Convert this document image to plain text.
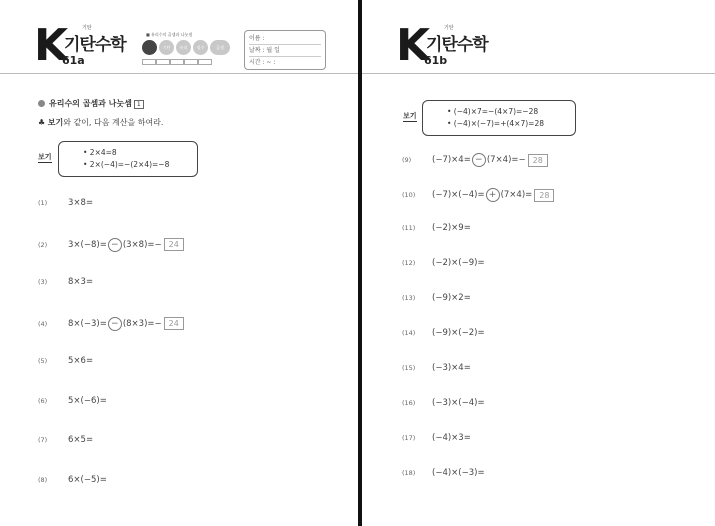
K	기탄
기탄수학
61a
■ 유리수의 곱셈과 나눗셈
기탄	유리	정수	곱셈
이름 :
날짜 : 월 일
시간 : ~ :
유리수의 곱셈과 나눗셈 1
♣ 보기와 같이, 다음 계산을 하여라.
보기	• 2×4=8
• 2×(−4)=−(2×4)=−8
(1)	3×8=
(2)	3×(−8)= − (3×8)=− 24
(3)	8×3=
(4)	8×(−3)= − (8×3)=− 24
(5)	5×6=
(6)	5×(−6)=
(7)	6×5=
(8)	6×(−5)=
K	기탄
기탄수학
61b
보기	• (−4)×7=−(4×7)=−28
• (−4)×(−7)=+(4×7)=28
(9)	(−7)×4= − (7×4)=− 28
(10)	(−7)×(−4)= + (7×4)= 28
(11)	(−2)×9=
(12)	(−2)×(−9)=
(13)	(−9)×2=
(14)	(−9)×(−2)=
(15)	(−3)×4=
(16)	(−3)×(−4)=
(17)	(−4)×3=
(18)	(−4)×(−3)=
